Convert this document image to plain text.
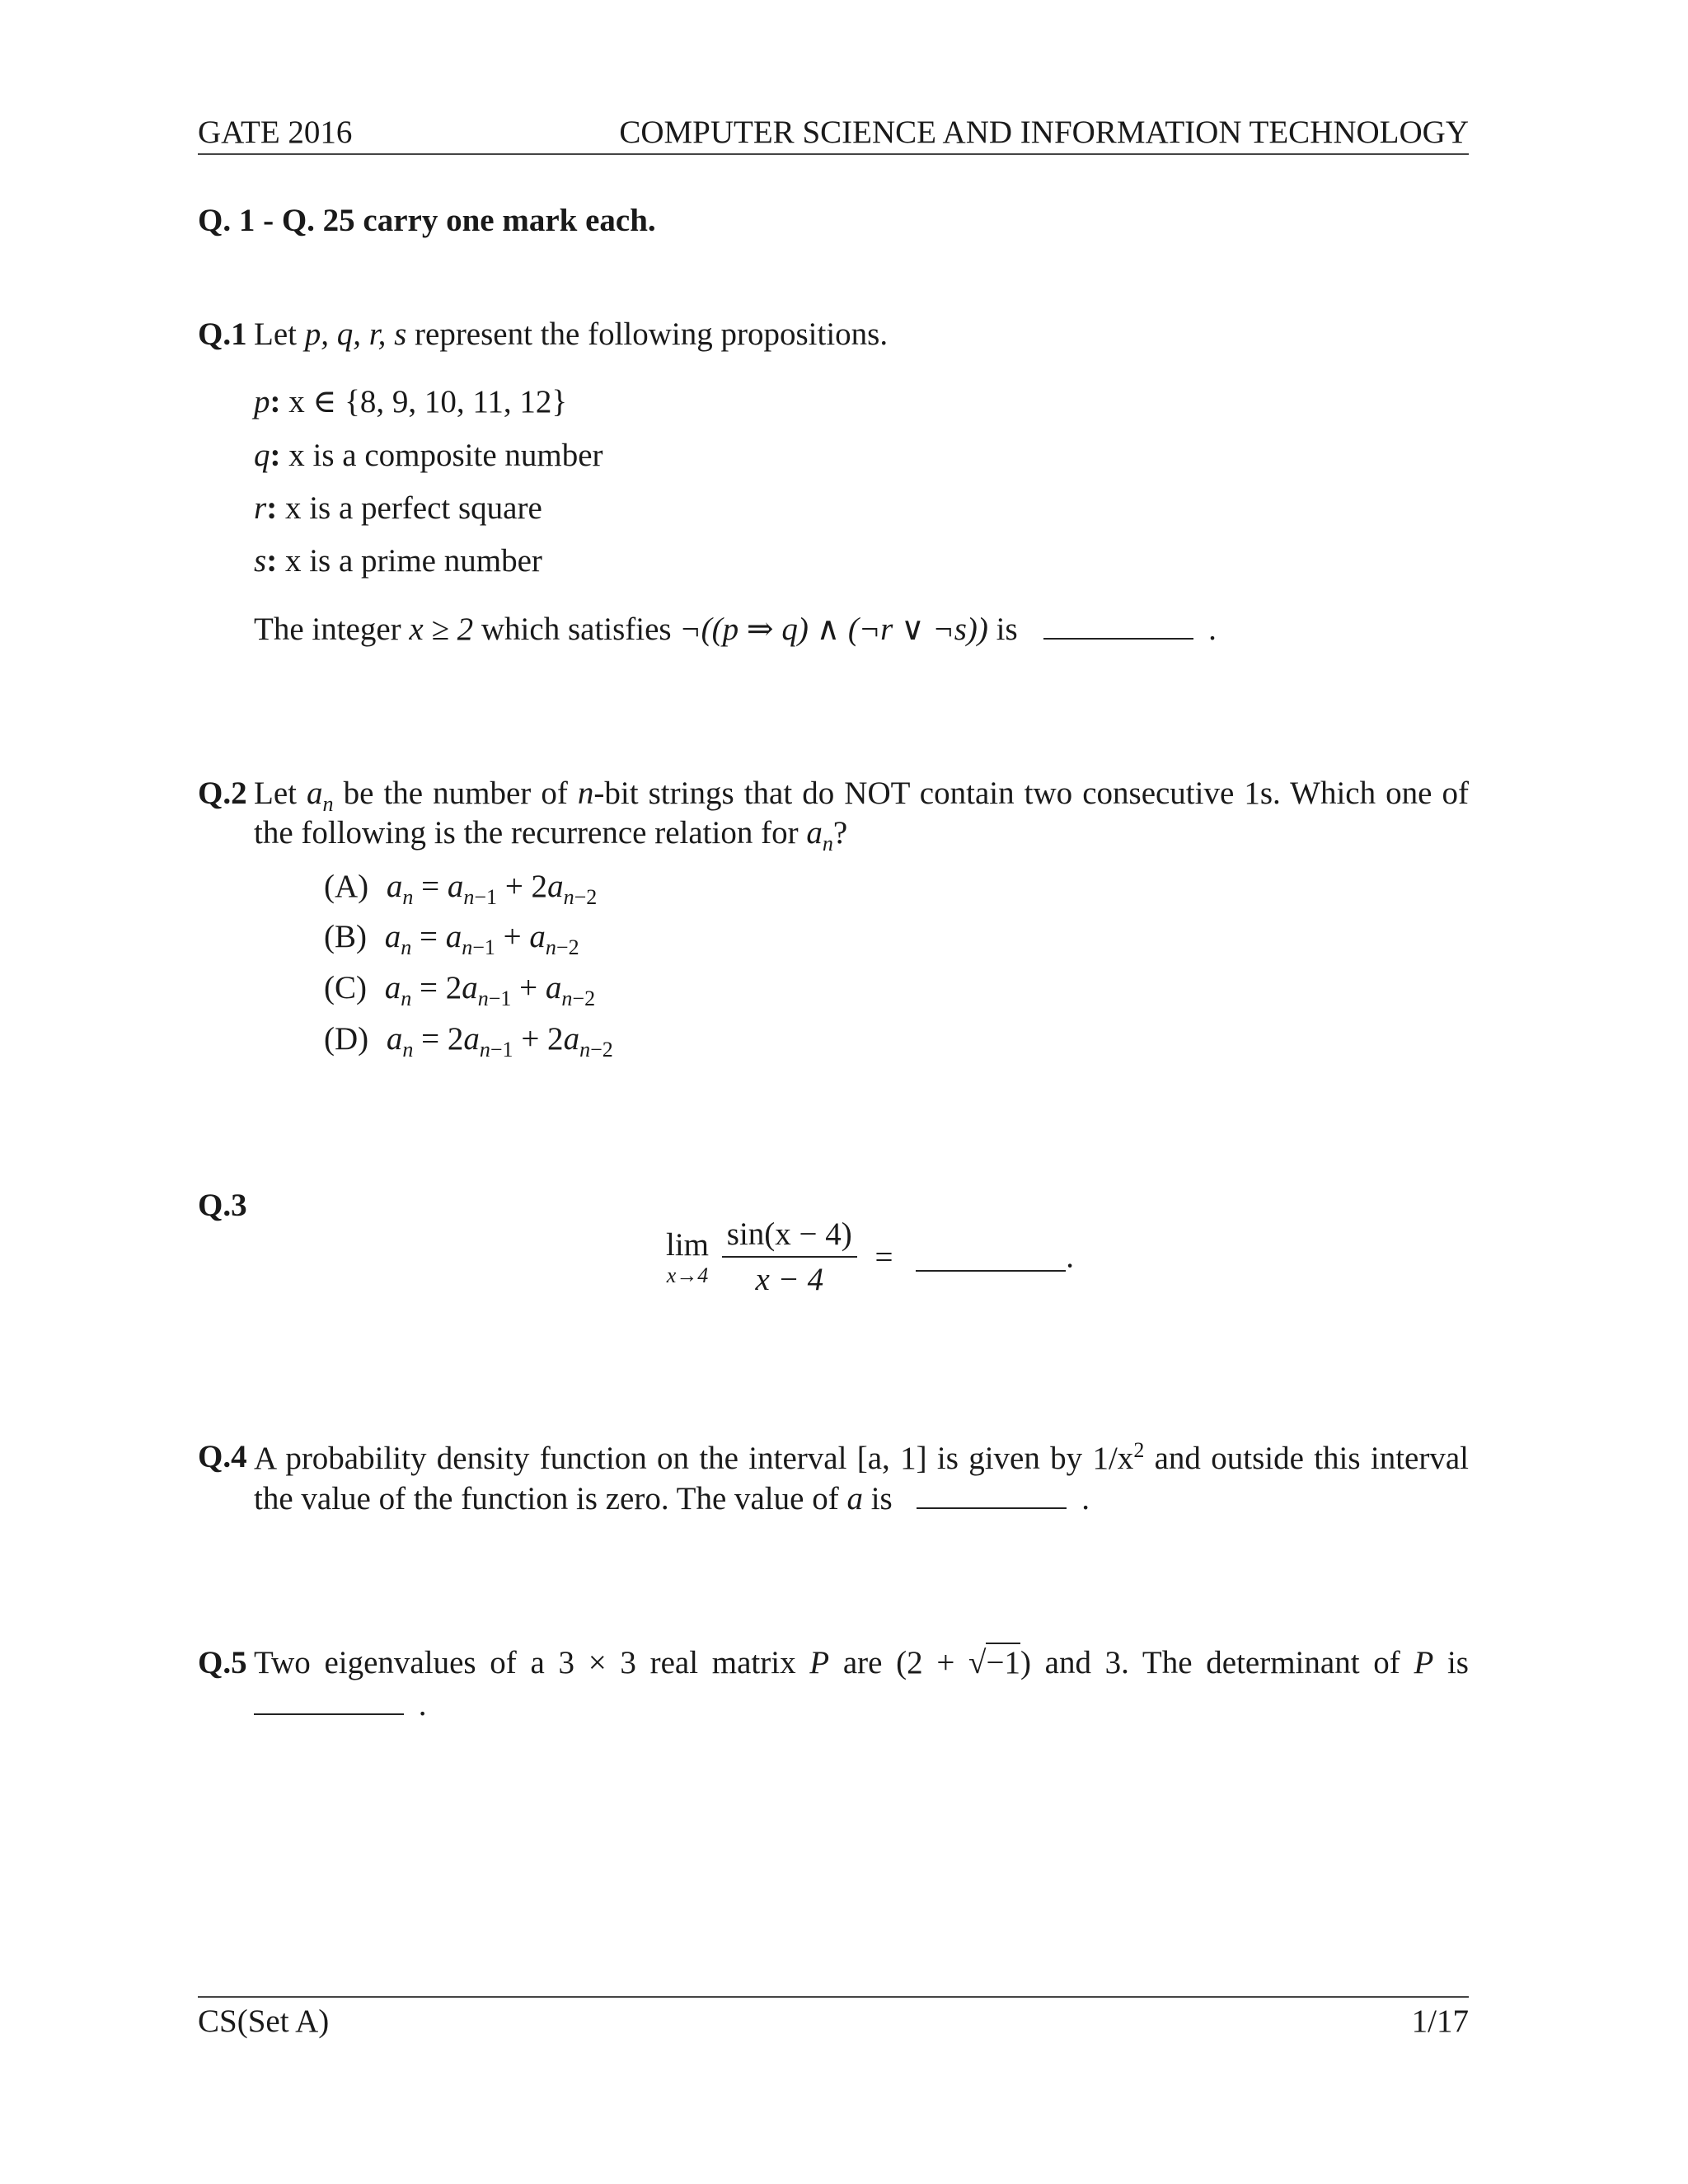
GATE 2016	COMPUTER SCIENCE AND INFORMATION TECHNOLOGY
Q. 1 - Q. 25 carry one mark each.
Q.1 Let p, q, r, s represent the following propositions.
p: x ∈ {8, 9, 10, 11, 12}
q: x is a composite number
r: x is a perfect square
s: x is a prime number
The integer x ≥ 2 which satisfies ¬((p ⇒ q) ∧ (¬r ∨ ¬s)) is	.
Q.2 Let $a_n$ be the number of n-bit strings that do NOT contain two consecutive 1s. Which one of
the following is the recurrence relation for $a_n$?
(A) $a_n = a_{n-1} + 2a_{n-2}$
(B) $a_n = a_{n-1} + a_{n-2}$
(C) $a_n = 2a_{n-1} + a_{n-2}$
(D) $a_n = 2a_{n-1} + 2a_{n-2}$
Q.3
lim
x→4
$\frac{\sin(x - 4)}{x - 4}$ =	.
Q.4 A probability density function on the interval [a, 1] is given by $1/x^2$ and outside this interval
the value of the function is zero. The value of a is	.
Q.5 Two eigenvalues of a 3 × 3 real matrix P are (2 + √−1) and 3. The determinant of P is
.
CS(Set A)	1/17
